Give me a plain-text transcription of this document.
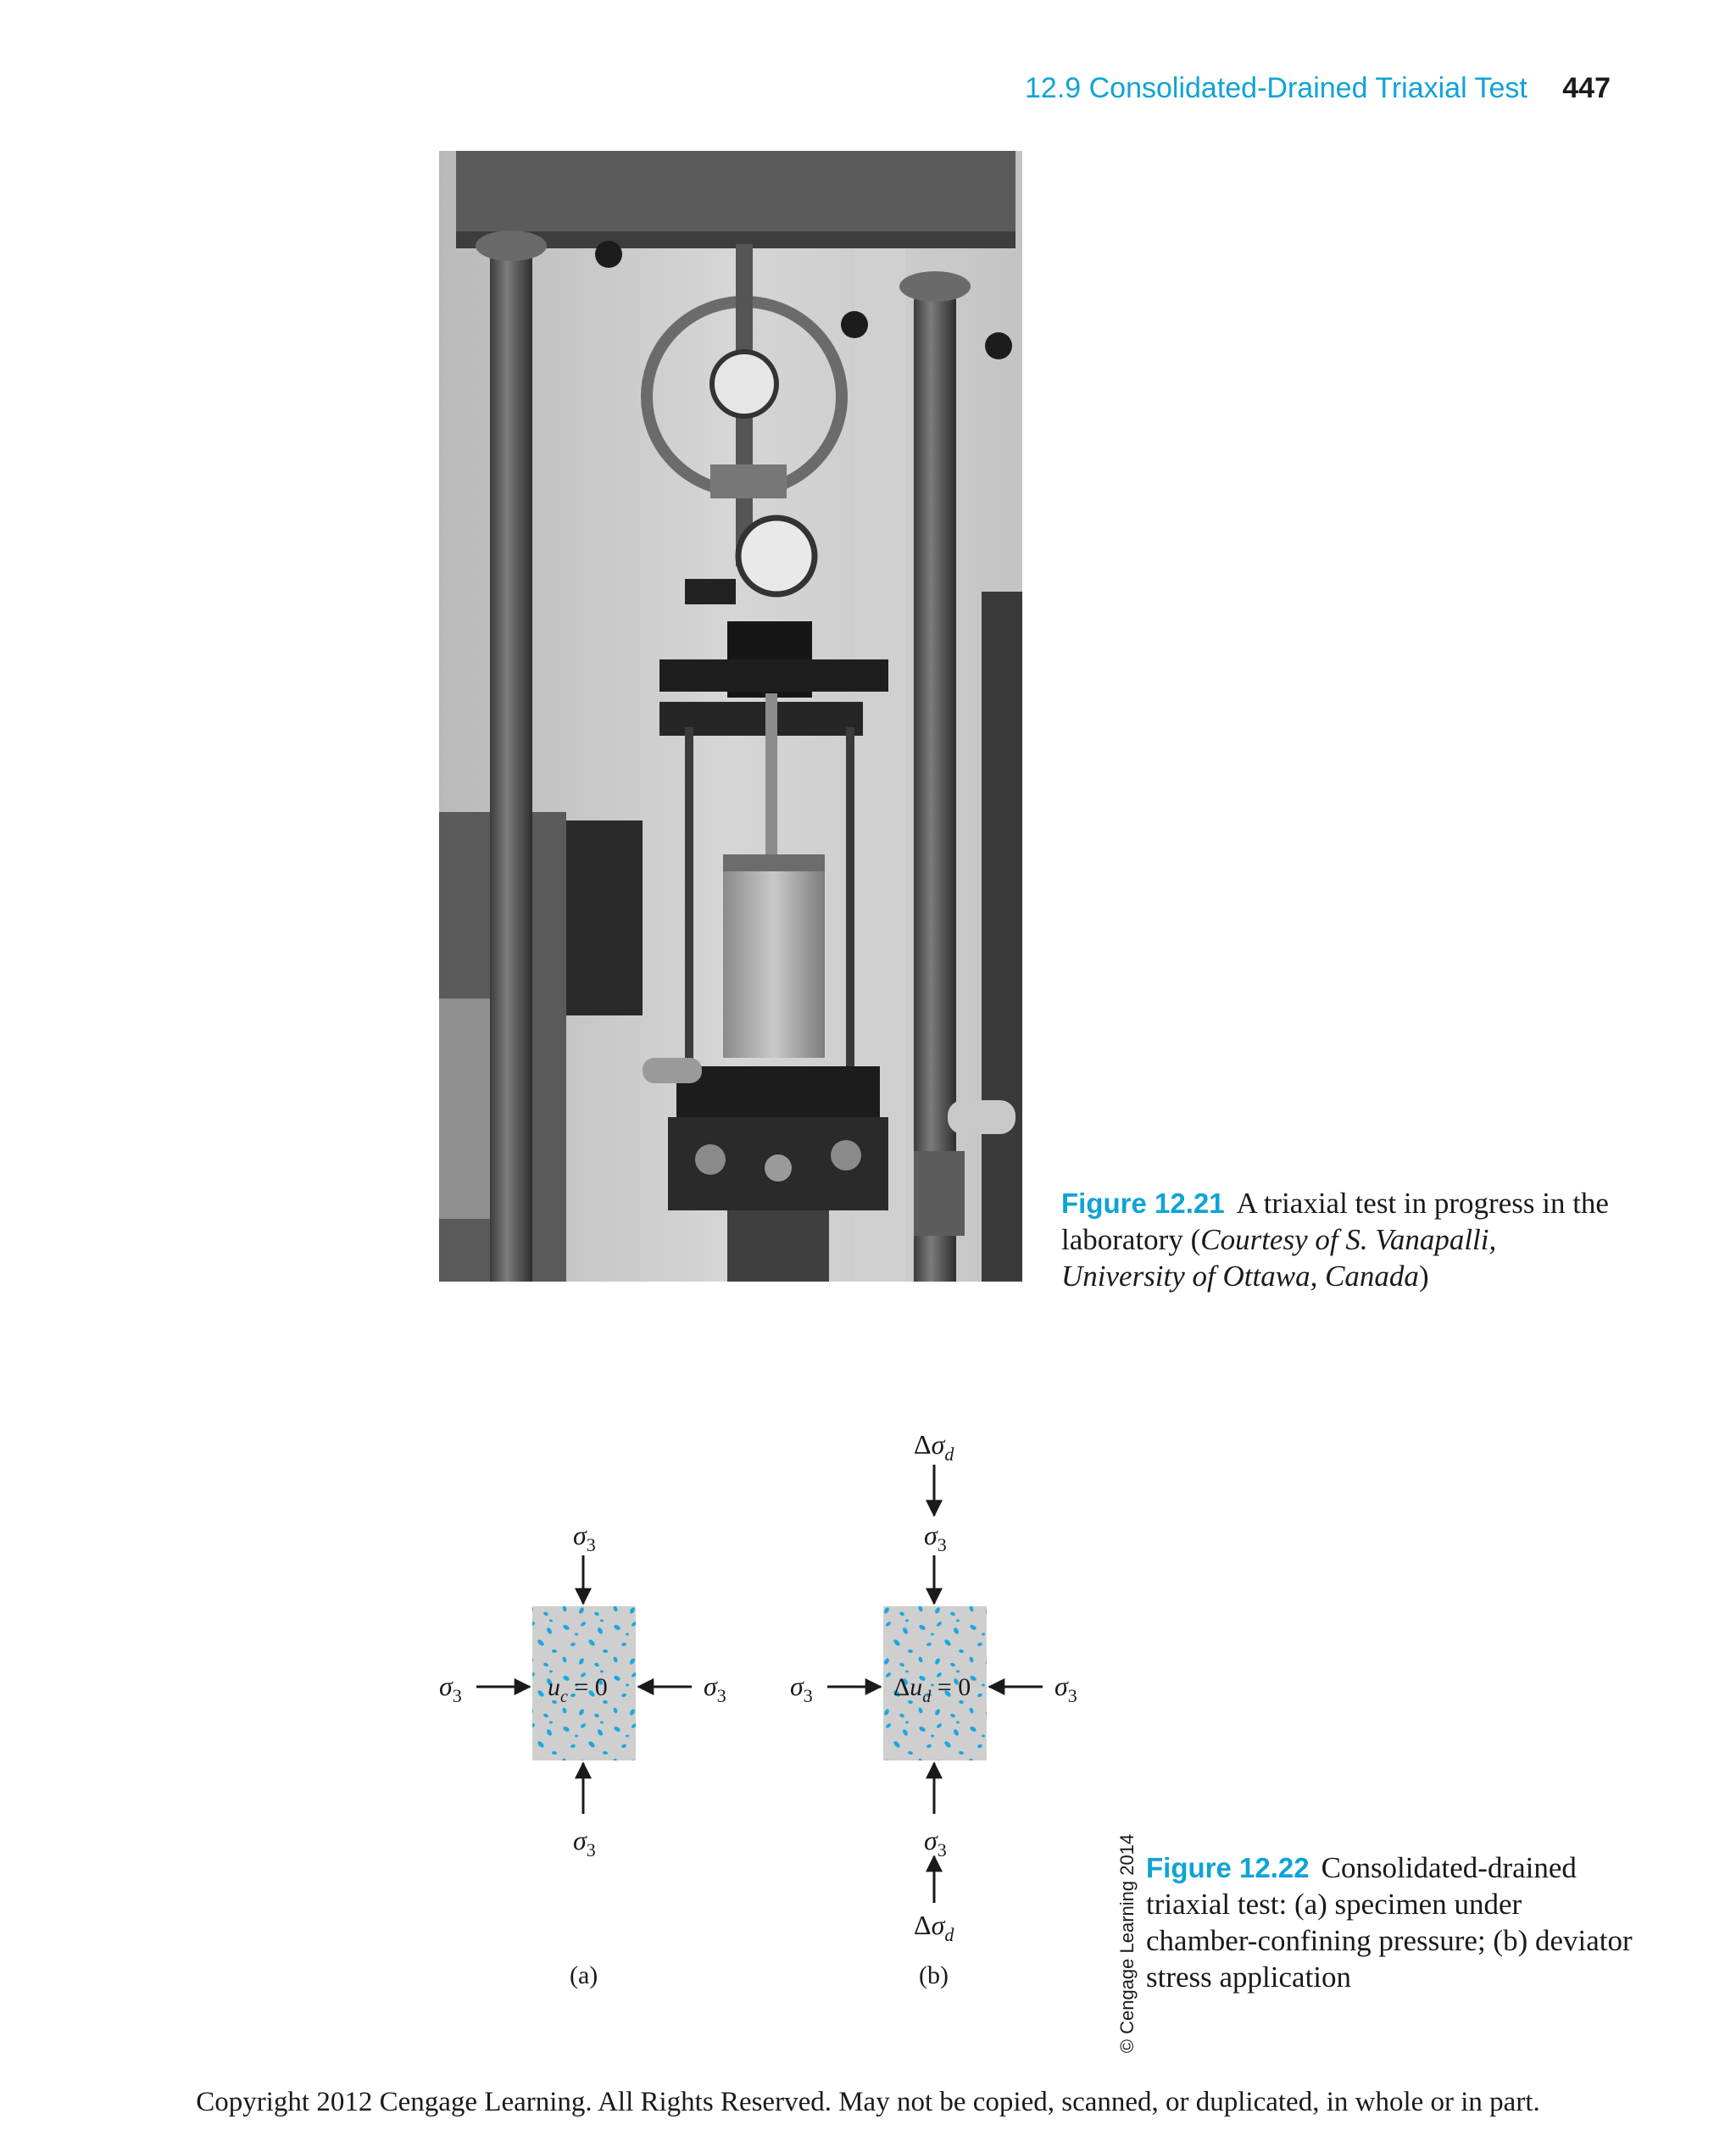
12.9 Consolidated-Drained Triaxial Test 447
Figure 12.21 A triaxial test in progress in the laboratory (Courtesy of S. Vanapalli, University of Ottawa, Canada)
$\sigma_3$
$\sigma_3$
$\sigma_3$	$\sigma_3$
$u_c = 0$
(a)
$\Delta\sigma_d$
$\sigma_3$
$\sigma_3$
$\Delta\sigma_d$
$\sigma_3$	$\sigma_3$
$\Delta u_d = 0$
(b)	© Cengage Learning 2014 Figure 12.22 Consolidated-drained triaxial test: (a) specimen under chamber-confining pressure; (b) deviator stress application
Copyright 2012 Cengage Learning. All Rights Reserved. May not be copied, scanned, or duplicated, in whole or in part.
